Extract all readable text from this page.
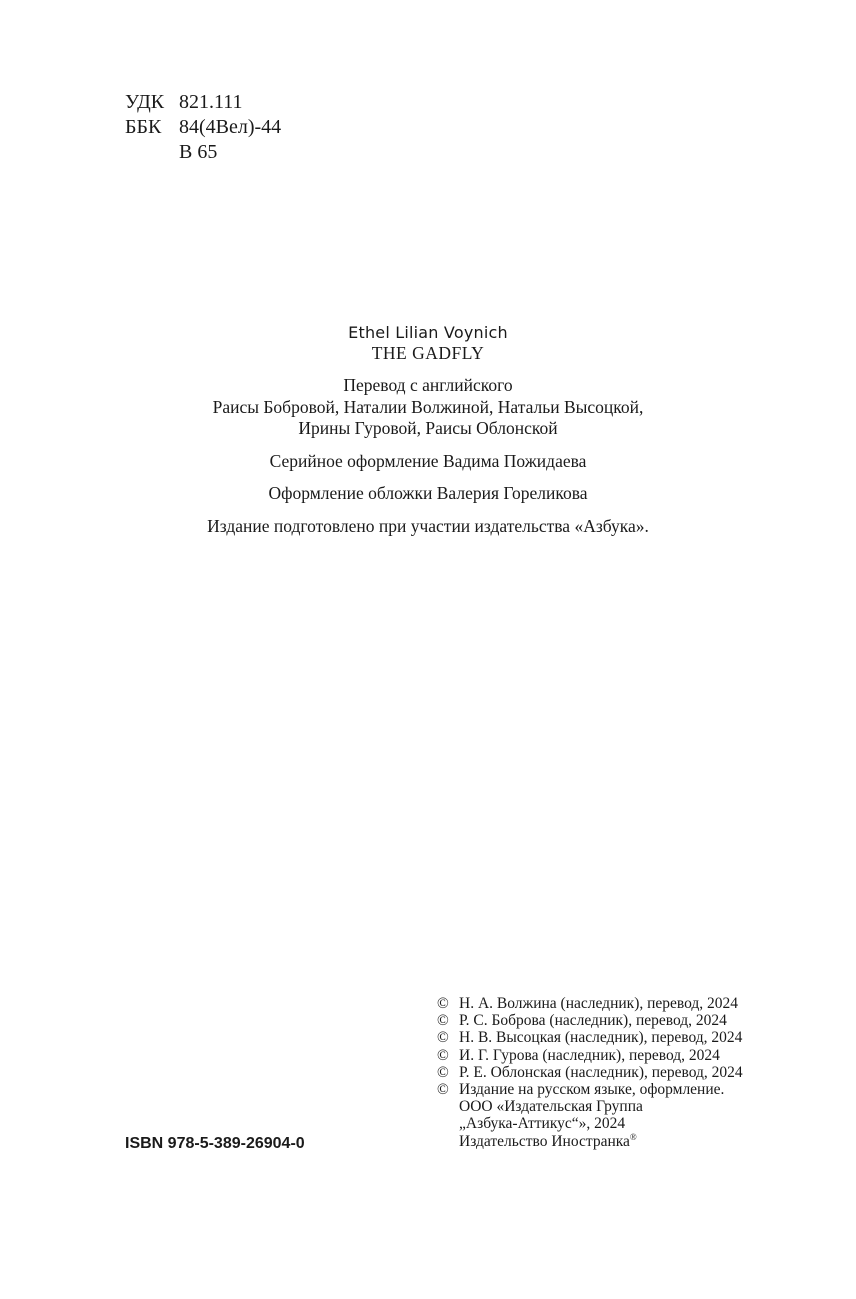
УДК 821.111
ББК 84(4Вел)-44
В 65
Ethel Lilian Voynich
THE GADFLY

Перевод с английского

Раисы Бобровой, Наталии Волжиной, Натальи Высоцкой,

Ирины Гуровой, Раисы Облонской

Серийное оформление Вадима Пожидаева

Оформление обложки Валерия Гореликова

Издание подготовлено при участии издательства «Азбука».

ISBN 978-5-389-26904-0
© Н. А. Волжина (наследник), перевод, 2024
© Р. С. Боброва (наследник), перевод, 2024
© Н. В. Высоцкая (наследник), перевод, 2024
© И. Г. Гурова (наследник), перевод, 2024
© Р. Е. Облонская (наследник), перевод, 2024
© Издание на русском языке, оформление.
ООО «Издательская Группа
„Азбука-Аттикус“», 2024
Издательство Иностранка®
